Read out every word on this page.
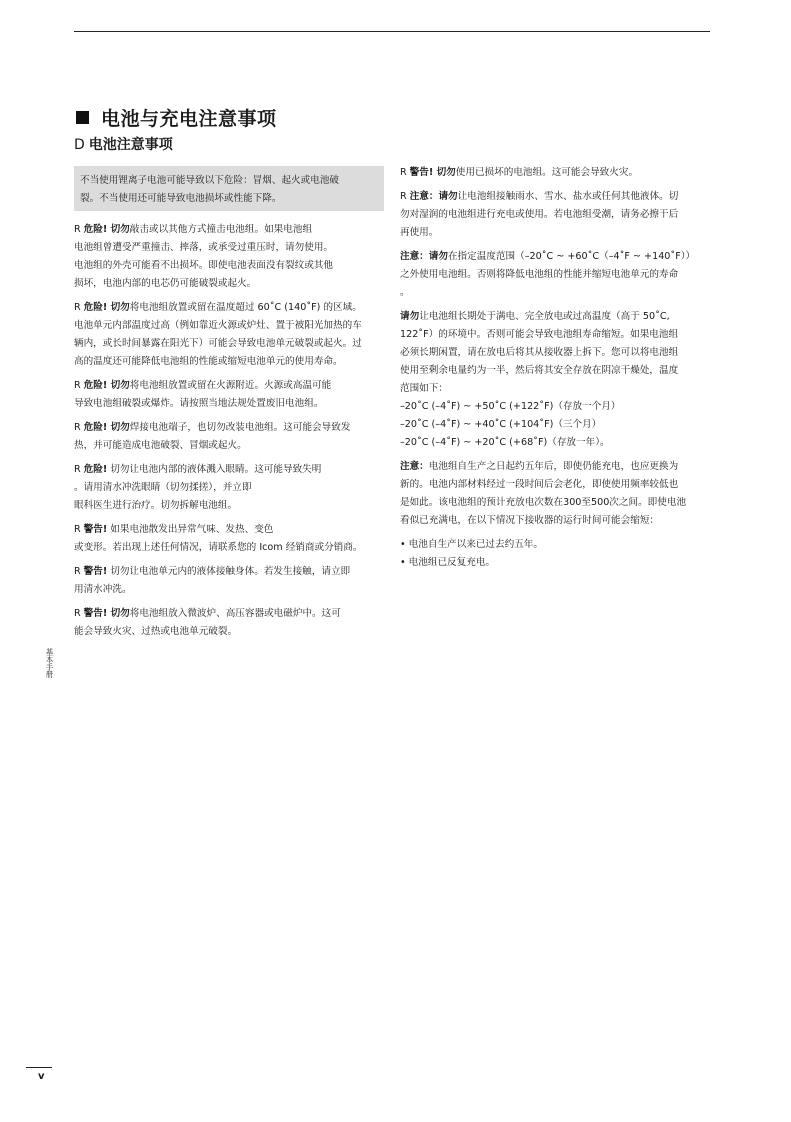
电池与充电注意事项
D 电池注意事项

不当使用锂离子电池可能导致以下危险：冒烟、起火或电池破

裂。不当使用还可能导致电池损坏或性能下降。

R 危险! 切勿敲击或以其他方式撞击电池组。如果电池组
电池组曾遭受严重撞击、摔落，或承受过重压时，请勿使用。
电池组的外壳可能看不出损坏。即使电池表面没有裂纹或其他
损坏，电池内部的电芯仍可能破裂或起火。
R 危险! 切勿将电池组放置或留在温度超过 60˚C (140˚F) 的区域。
电池单元内部温度过高（例如靠近火源或炉灶、置于被阳光加热的车
辆内，或长时间暴露在阳光下）可能会导致电池单元破裂或起火。过
高的温度还可能降低电池组的性能或缩短电池单元的使用寿命。
R 危险! 切勿将电池组放置或留在火源附近。火源或高温可能
导致电池组破裂或爆炸。请按照当地法规处置废旧电池组。
R 危险! 切勿焊接电池端子，也切勿改装电池组。这可能会导致发
热，并可能造成电池破裂、冒烟或起火。
R 危险! 切勿让电池内部的液体溅入眼睛。这可能导致失明
。请用清水冲洗眼睛（切勿揉搓），并立即
眼科医生进行治疗。切勿拆解电池组。
R 警告! 如果电池散发出异常气味、发热、变色
或变形。若出现上述任何情况，请联系您的 Icom 经销商或分销商。
R 警告! 切勿让电池单元内的液体接触身体。若发生接触，请立即
用清水冲洗。
R 警告! 切勿将电池组放入微波炉、高压容器或电磁炉中。这可
能会导致火灾、过热或电池单元破裂。
R 警告! 切勿使用已损坏的电池组。这可能会导致火灾。
R 注意：请勿让电池组接触雨水、雪水、盐水或任何其他液体。切
勿对湿润的电池组进行充电或使用。若电池组受潮，请务必擦干后
再使用。
注意：请勿在指定温度范围（–20˚C ~ +60˚C（–4˚F ~ +140˚F））
之外使用电池组。否则将降低电池组的性能并缩短电池单元的寿命
。
请勿让电池组长期处于满电、完全放电或过高温度（高于 50˚C,
122˚F）的环境中。否则可能会导致电池组寿命缩短。如果电池组
必须长期闲置，请在放电后将其从接收器上拆下。您可以将电池组
使用至剩余电量约为一半，然后将其安全存放在阴凉干燥处，温度
范围如下：
–20˚C (–4˚F) ~ +50˚C (+122˚F)（存放一个月）
–20˚C (–4˚F) ~ +40˚C (+104˚F)（三个月）
–20˚C (–4˚F) ~ +20˚C (+68˚F)（存放一年）。
注意：电池组自生产之日起约五年后，即使仍能充电，也应更换为
新的。电池内部材料经过一段时间后会老化，即使使用频率较低也
是如此。该电池组的预计充放电次数在300至500次之间。即使电池
看似已充满电，在以下情况下接收器的运行时间可能会缩短：
• 电池自生产以来已过去约五年。
• 电池组已反复充电。
基本手册
v
